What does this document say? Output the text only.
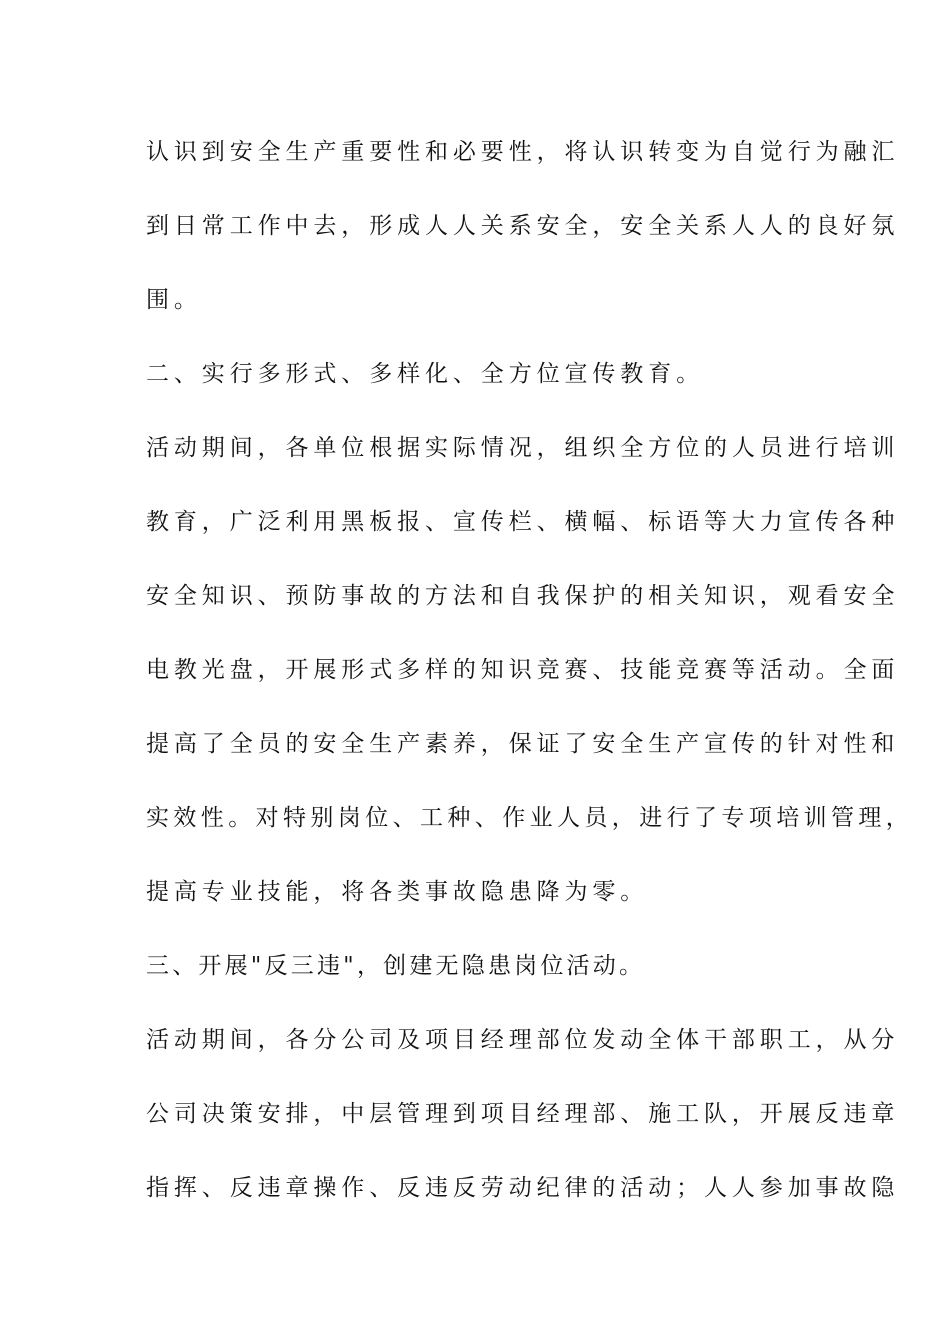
认识到安全生产重要性和必要性，将认识转变为自觉行为融汇
到日常工作中去，形成人人关系安全，安全关系人人的良好氛
围。
二、实行多形式、多样化、全方位宣传教育。
活动期间，各单位根据实际情况，组织全方位的人员进行培训
教育，广泛利用黑板报、宣传栏、横幅、标语等大力宣传各种
安全知识、预防事故的方法和自我保护的相关知识，观看安全
电教光盘，开展形式多样的知识竞赛、技能竞赛等活动。全面
提高了全员的安全生产素养，保证了安全生产宣传的针对性和
实效性。对特别岗位、工种、作业人员，进行了专项培训管理，
提高专业技能，将各类事故隐患降为零。
三、开展"反三违"，创建无隐患岗位活动。
活动期间，各分公司及项目经理部位发动全体干部职工，从分
公司决策安排，中层管理到项目经理部、施工队，开展反违章
指挥、反违章操作、反违反劳动纪律的活动；人人参加事故隐
